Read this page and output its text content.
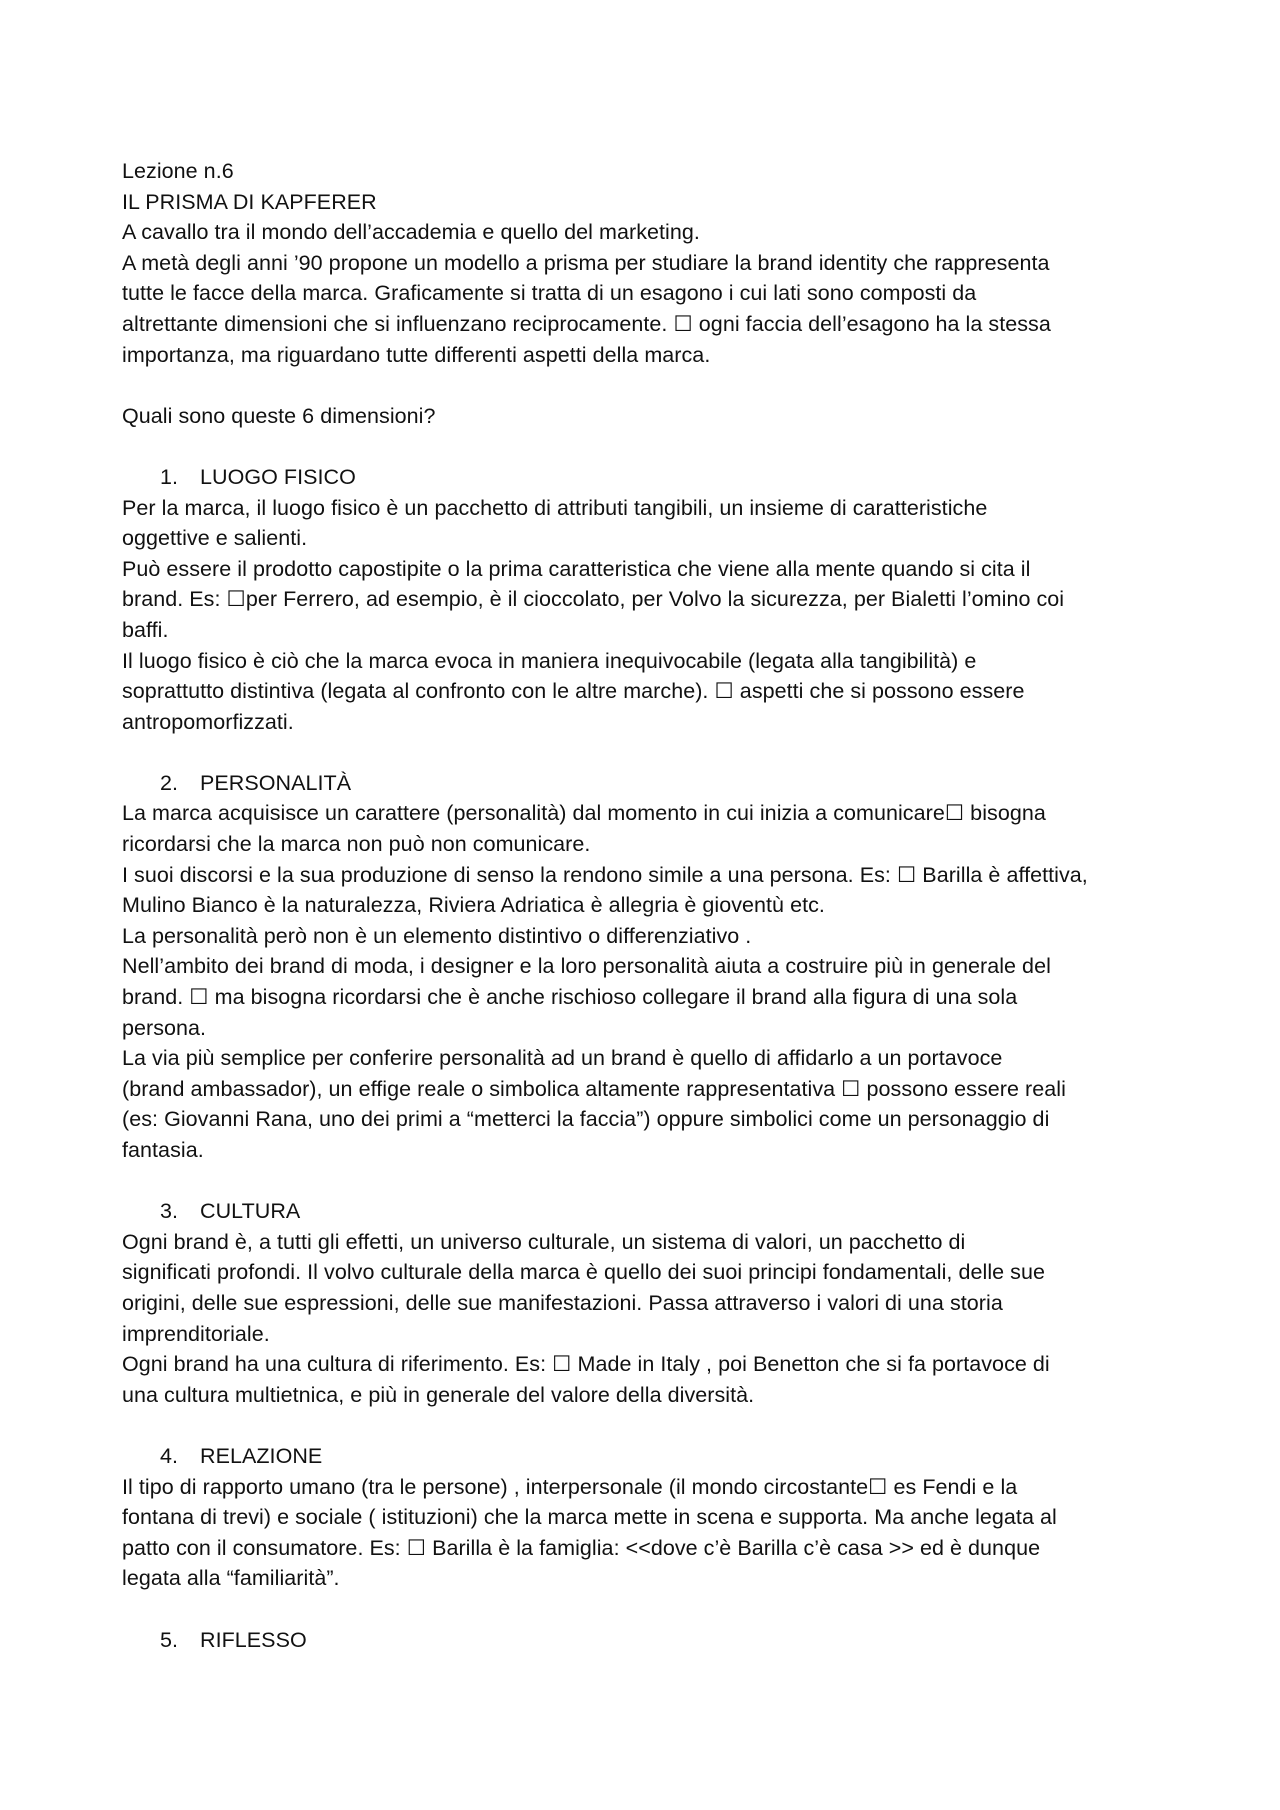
Lezione n.6
IL PRISMA DI KAPFERER
A cavallo tra il mondo dell’accademia e quello del marketing.
A metà degli anni ’90 propone un modello a prisma per studiare la brand identity che rappresenta
tutte le facce della marca. Graficamente si tratta di un esagono i cui lati sono composti da
altrettante dimensioni che si influenzano reciprocamente. ☐ ogni faccia dell’esagono ha la stessa
importanza, ma riguardano tutte differenti aspetti della marca.
Quali sono queste 6 dimensioni?
1. LUOGO FISICO
Per la marca, il luogo fisico è un pacchetto di attributi tangibili, un insieme di caratteristiche
oggettive e salienti.
Può essere il prodotto capostipite o la prima caratteristica che viene alla mente quando si cita il
brand. Es: ☐per Ferrero, ad esempio, è il cioccolato, per Volvo la sicurezza, per Bialetti l’omino coi
baffi.
Il luogo fisico è ciò che la marca evoca in maniera inequivocabile (legata alla tangibilità) e
soprattutto distintiva (legata al confronto con le altre marche). ☐ aspetti che si possono essere
antropomorfizzati.
2. PERSONALITÀ
La marca acquisisce un carattere (personalità) dal momento in cui inizia a comunicare☐ bisogna
ricordarsi che la marca non può non comunicare.
I suoi discorsi e la sua produzione di senso la rendono simile a una persona. Es: ☐ Barilla è affettiva,
Mulino Bianco è la naturalezza, Riviera Adriatica è allegria è gioventù etc.
La personalità però non è un elemento distintivo o differenziativo .
Nell’ambito dei brand di moda, i designer e la loro personalità aiuta a costruire più in generale del
brand. ☐ ma bisogna ricordarsi che è anche rischioso collegare il brand alla figura di una sola
persona.
La via più semplice per conferire personalità ad un brand è quello di affidarlo a un portavoce
(brand ambassador), un effige reale o simbolica altamente rappresentativa ☐ possono essere reali
(es: Giovanni Rana, uno dei primi a “metterci la faccia”) oppure simbolici come un personaggio di
fantasia.
3. CULTURA
Ogni brand è, a tutti gli effetti, un universo culturale, un sistema di valori, un pacchetto di
significati profondi. Il volvo culturale della marca è quello dei suoi principi fondamentali, delle sue
origini, delle sue espressioni, delle sue manifestazioni. Passa attraverso i valori di una storia
imprenditoriale.
Ogni brand ha una cultura di riferimento. Es: ☐ Made in Italy , poi Benetton che si fa portavoce di
una cultura multietnica, e più in generale del valore della diversità.
4. RELAZIONE
Il tipo di rapporto umano (tra le persone) , interpersonale (il mondo circostante☐ es Fendi e la
fontana di trevi) e sociale ( istituzioni) che la marca mette in scena e supporta. Ma anche legata al
patto con il consumatore. Es: ☐ Barilla è la famiglia: <<dove c’è Barilla c’è casa >> ed è dunque
legata alla “familiarità”.
5. RIFLESSO
